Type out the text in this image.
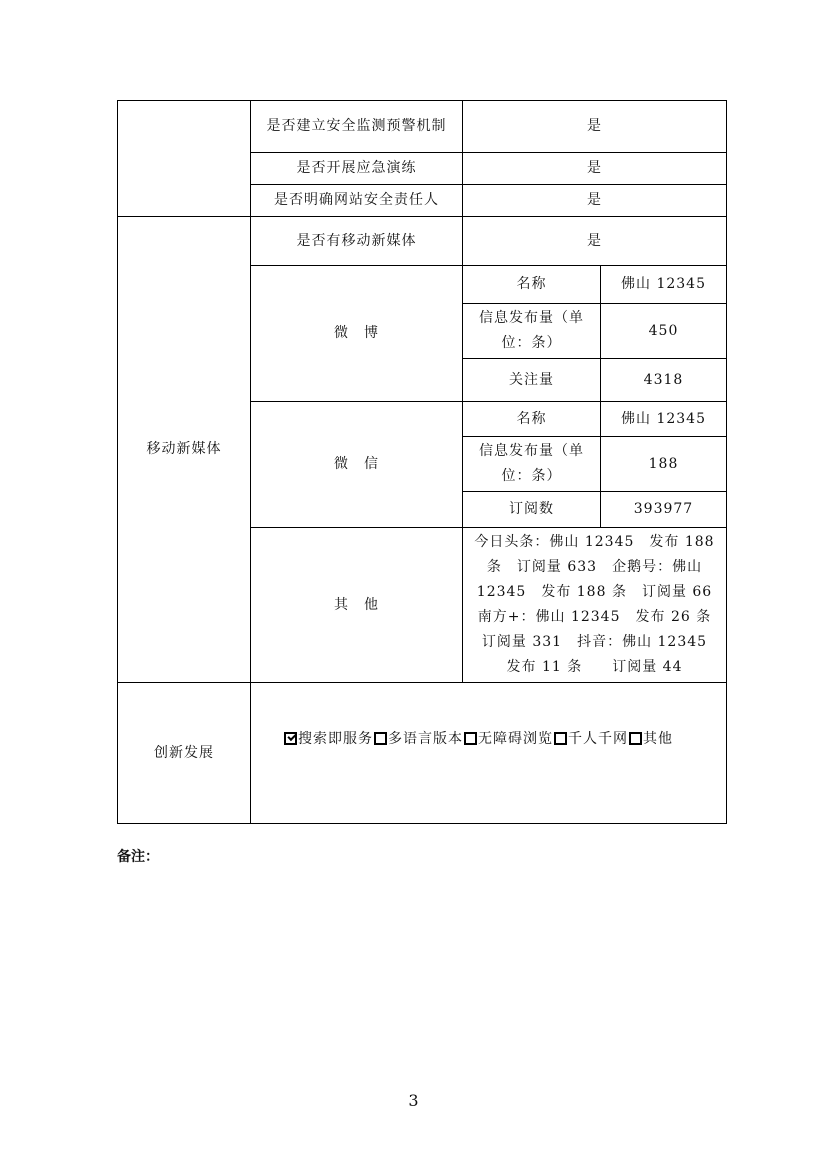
	是否建立安全监测预警机制	是	
	是否开展应急演练	是	
	是否明确网站安全责任人	是	
移动新媒体	是否有移动新媒体	是	
	微　博	名称	佛山 12345
		信息发布量（单位：条）	450
		关注量	4318
	微　信	名称	佛山 12345
		信息发布量（单位：条）	188
		订阅数	393977
	其　他	今日头条：佛山 12345　发布 188 条　订阅量 633　企鹅号：佛山 12345　发布 188 条　订阅量 66　南方+：佛山 12345　发布 26 条　订阅量 331　抖音：佛山 12345　发布 11 条　　订阅量 44	
创新发展	搜索即服务 多语言版本 无障碍浏览 千人千网 其他		
备注：
3
